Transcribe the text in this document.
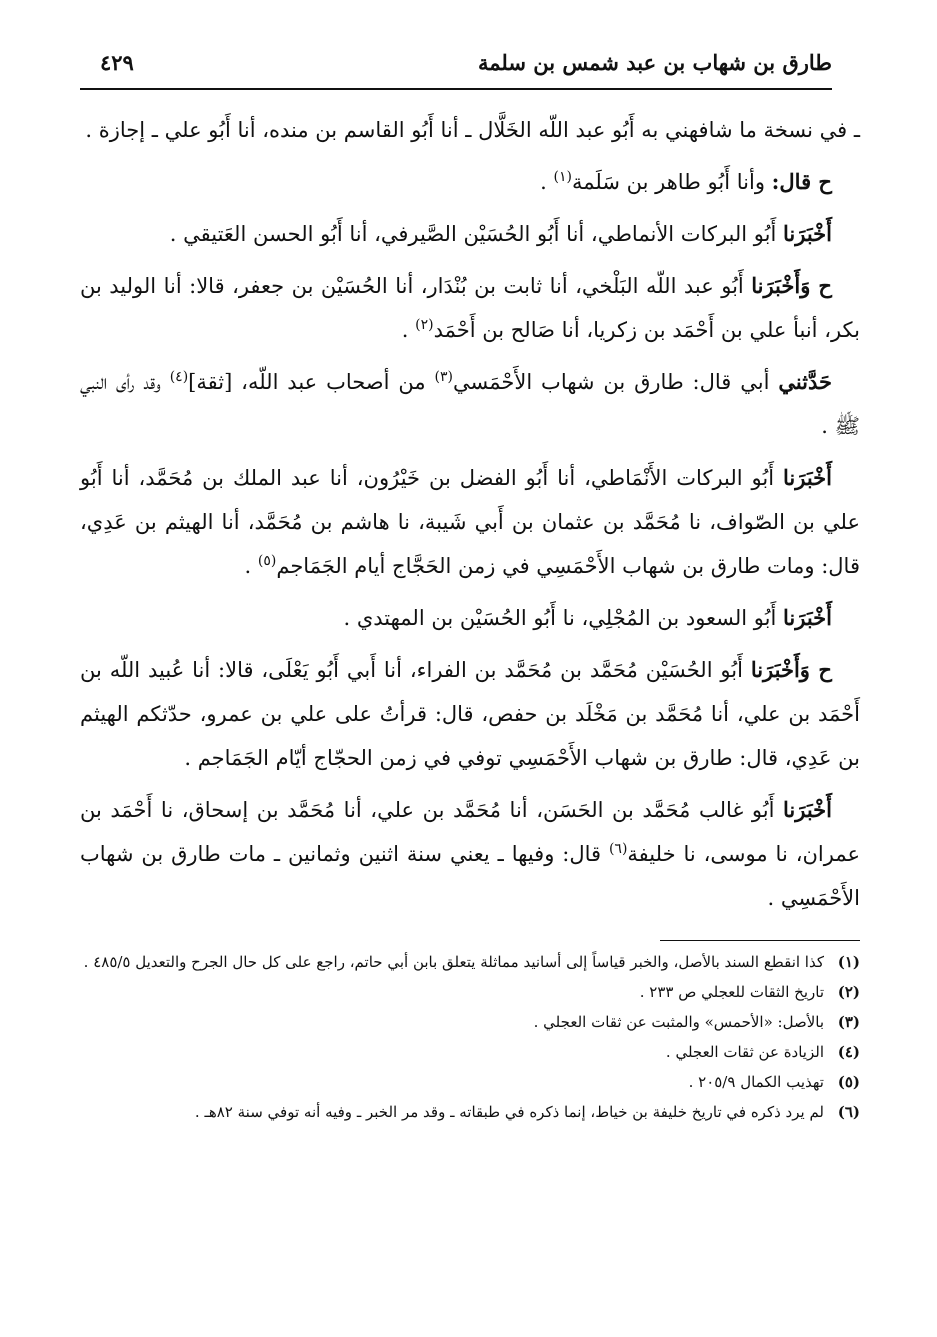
طارق بن شهاب بن عبد شمس بن سلمة
٤٢٩

ـ في نسخة ما شافهني به أَبُو عبد اللّه الخَلَّال ـ أنا أَبُو القاسم بن منده، أنا أَبُو علي ـ إجازة .

ح قال: وأنا أَبُو طاهر بن سَلَمة$^{(١)}$ .

أَخْبَرَنا أَبُو البركات الأنماطي، أنا أَبُو الحُسَيْن الصَّيرفي، أنا أَبُو الحسن العَتيقي .

ح وَأَخْبَرَنا أَبُو عبد اللّه البَلْخي، أنا ثابت بن بُنْدَار، أنا الحُسَيْن بن جعفر، قالا: أنا الوليد بن بكر، أنبأ علي بن أَحْمَد بن زكريا، أنا صَالح بن أَحْمَد$^{(٢)}$ .

حَدَّثني أبي قال: طارق بن شهاب الأَحْمَسي$^{(٣)}$ من أصحاب عبد اللّه، [ثقة]$^{(٤)}$ وقد رأى النبي ﷺ .

أَخْبَرَنا أَبُو البركات الأَنْمَاطي، أنا أَبُو الفضل بن خَيْرُون، أنا عبد الملك بن مُحَمَّد، أنا أَبُو علي بن الصّواف، نا مُحَمَّد بن عثمان بن أَبي شَيبة، نا هاشم بن مُحَمَّد، أنا الهيثم بن عَدِي، قال: ومات طارق بن شهاب الأَحْمَسِي في زمن الحَجَّاج أيام الجَمَاجم$^{(٥)}$ .

أَخْبَرَنا أَبُو السعود بن المُجْلِي، نا أَبُو الحُسَيْن بن المهتدي .

ح وَأَخْبَرَنا أَبُو الحُسَيْن مُحَمَّد بن مُحَمَّد بن الفراء، أنا أَبي أَبُو يَعْلَى، قالا: أنا عُبيد اللّه بن أَحْمَد بن علي، أنا مُحَمَّد بن مَخْلَد بن حفص، قال: قرأتُ على علي بن عمرو، حدّثكم الهيثم بن عَدِي، قال: طارق بن شهاب الأَحْمَسِي توفي في زمن الحجّاج أيّام الجَمَاجم .

أَخْبَرَنا أَبُو غالب مُحَمَّد بن الحَسَن، أنا مُحَمَّد بن علي، أنا مُحَمَّد بن إسحاق، نا أَحْمَد بن عمران، نا موسى، نا خليفة$^{(٦)}$ قال: وفيها ـ يعني سنة اثنين وثمانين ـ مات طارق بن شهاب الأَحْمَسِي .

(١)
كذا انقطع السند بالأصل، والخبر قياساً إلى أسانيد مماثلة يتعلق بابن أبي حاتم، راجع على كل حال الجرح والتعديل ٤٨٥/٥ .
(٢)
تاريخ الثقات للعجلي ص ٢٣٣ .
(٣)
بالأصل: «الأحمس» والمثبت عن ثقات العجلي .
(٤)
الزيادة عن ثقات العجلي .
(٥)
تهذيب الكمال ٢٠٥/٩ .
(٦)
لم يرد ذكره في تاريخ خليفة بن خياط، إنما ذكره في طبقاته ـ وقد مر الخبر ـ وفيه أنه توفي سنة ٨٢هـ .
